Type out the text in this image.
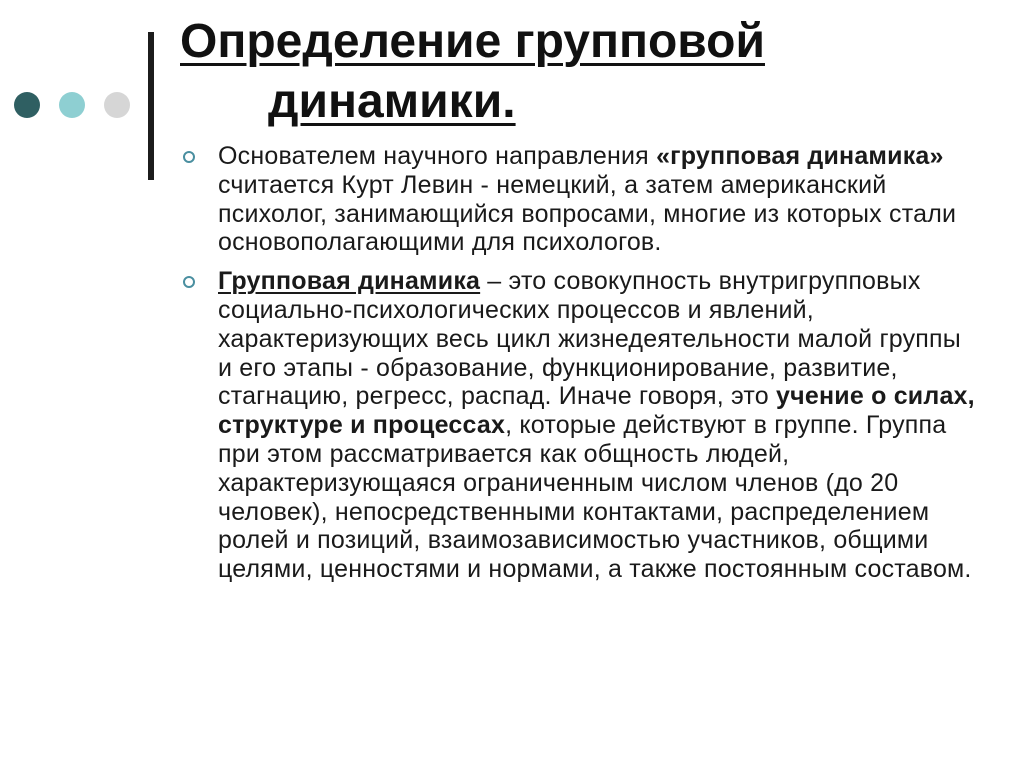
Определение групповой
динамики.
Основателем научного направления «групповая динамика» считается Курт Левин - немецкий, а затем американский психолог, занимающийся вопросами, многие из которых стали основополагающими для психологов.
Групповая динамика – это совокупность внутригрупповых социально-психологических процессов и явлений, характеризующих весь цикл жизнедеятельности малой группы и его этапы - образование, функционирование, развитие, стагнацию, регресс, распад. Иначе говоря, это учение о силах, структуре и процессах, которые действуют в группе. Группа при этом рассматривается как общность людей, характеризующаяся ограниченным числом членов (до 20 человек), непосредственными контактами, распределением ролей и позиций, взаимозависимостью участников, общими целями, ценностями и нормами, а также постоянным составом.
